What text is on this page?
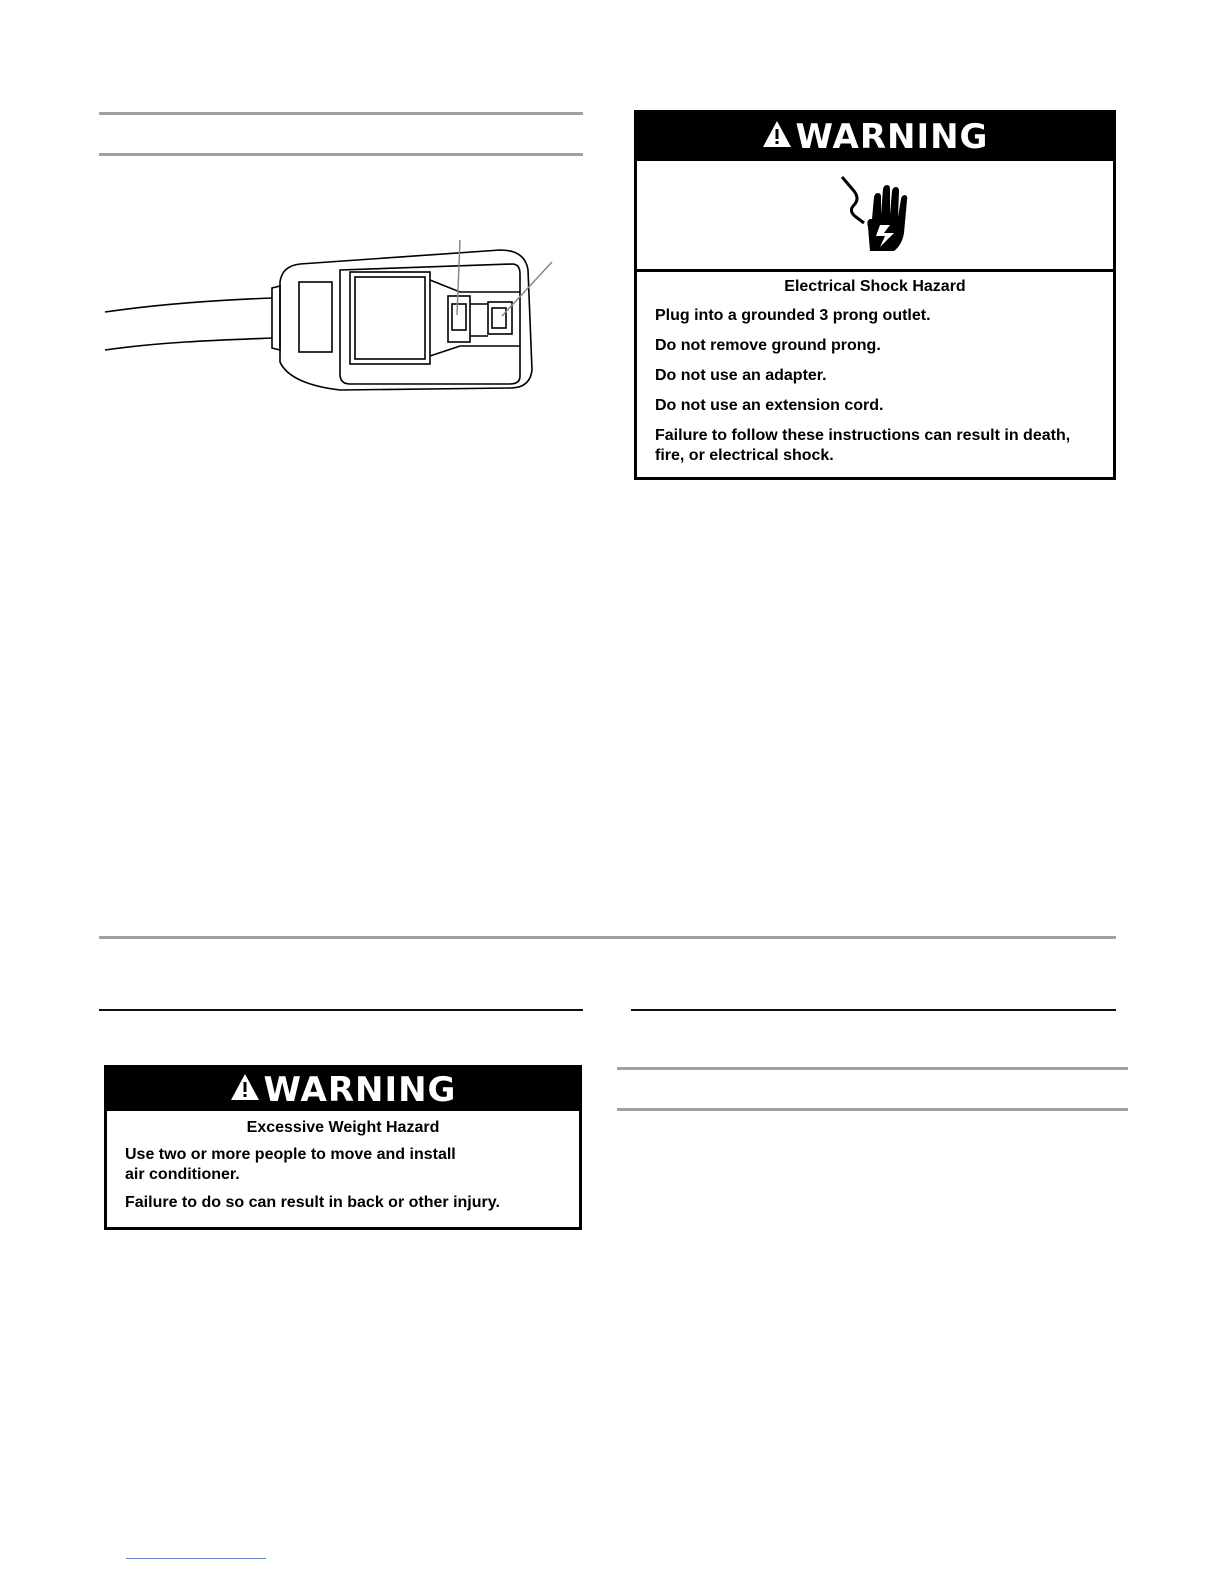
WARNING
Electrical Shock Hazard
Plug into a grounded 3 prong outlet.
Do not remove ground prong.
Do not use an adapter.
Do not use an extension cord.
Failure to follow these instructions can result in death, fire, or electrical shock.
WARNING
Excessive Weight Hazard
Use two or more people to move and install
air conditioner.
Failure to do so can result in back or other injury.
